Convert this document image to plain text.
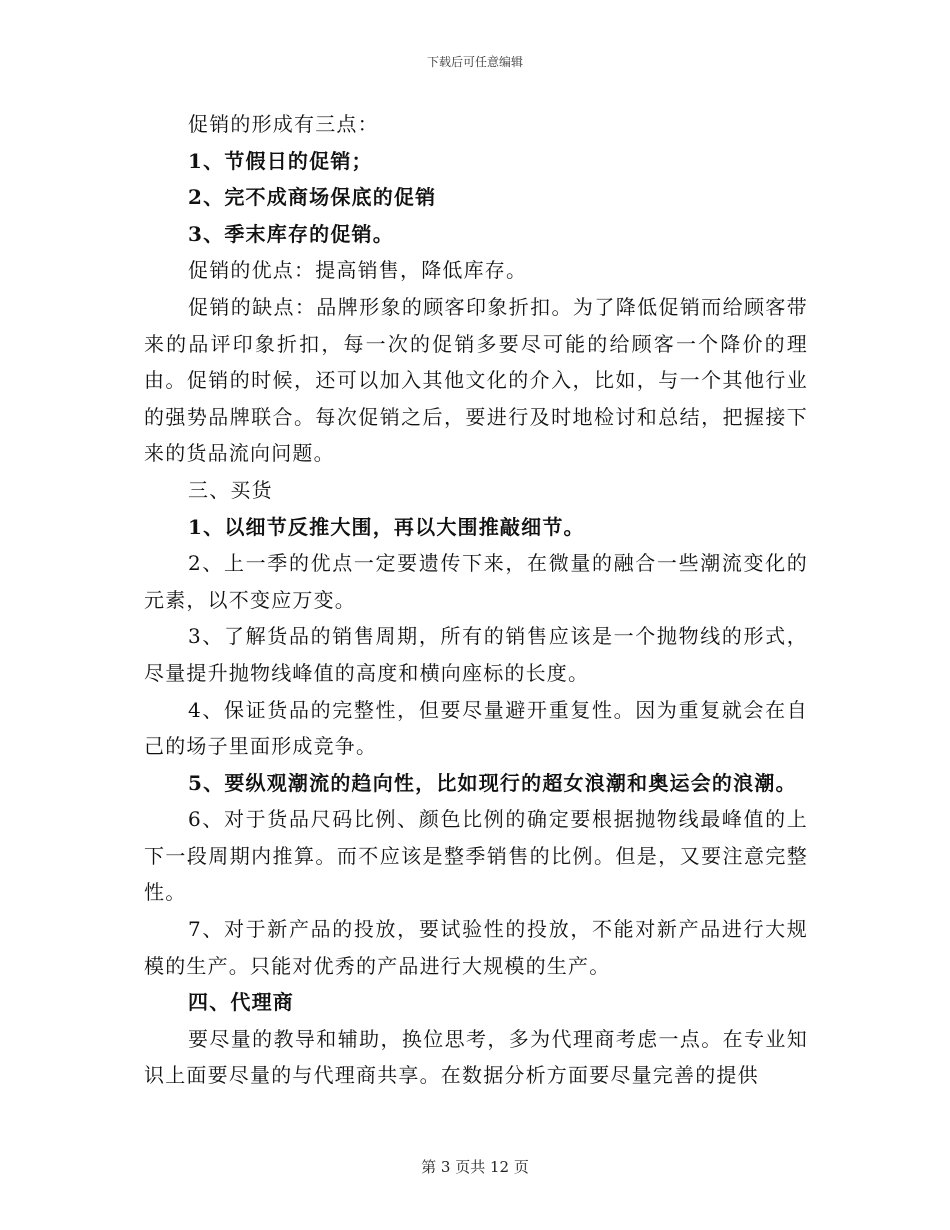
下载后可任意编辑

促销的形成有三点：

1、节假日的促销；

2、完不成商场保底的促销

3、季末库存的促销。

促销的优点：提高销售，降低库存。

促销的缺点：品牌形象的顾客印象折扣。为了降低促销而给顾客带来的品评印象折扣，每一次的促销多要尽可能的给顾客一个降价的理由。促销的时候，还可以加入其他文化的介入，比如，与一个其他行业的强势品牌联合。每次促销之后，要进行及时地检讨和总结，把握接下来的货品流向问题。

三、买货

1、以细节反推大围，再以大围推敲细节。

2、上一季的优点一定要遗传下来，在微量的融合一些潮流变化的元素，以不变应万变。

3、了解货品的销售周期，所有的销售应该是一个抛物线的形式，尽量提升抛物线峰值的高度和横向座标的长度。

4、保证货品的完整性，但要尽量避开重复性。因为重复就会在自己的场子里面形成竞争。

5、要纵观潮流的趋向性，比如现行的超女浪潮和奥运会的浪潮。

6、对于货品尺码比例、颜色比例的确定要根据抛物线最峰值的上下一段周期内推算。而不应该是整季销售的比例。但是，又要注意完整性。

7、对于新产品的投放，要试验性的投放，不能对新产品进行大规模的生产。只能对优秀的产品进行大规模的生产。

四、代理商

要尽量的教导和辅助，换位思考，多为代理商考虑一点。在专业知识上面要尽量的与代理商共享。在数据分析方面要尽量完善的提供

第 3 页共 12 页
